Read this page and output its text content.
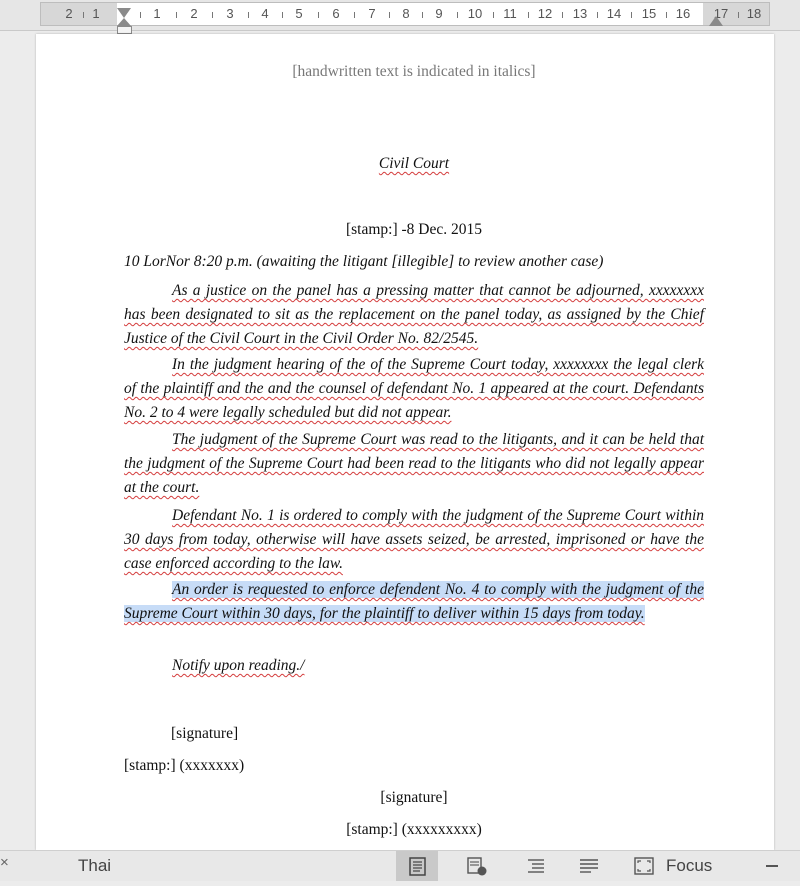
2 1	1 2 3 4 5 6 7 8 9 10 11 12 13 14 15 16 17 18
[handwritten text is indicated in italics]
Civil Court
[stamp:] -8 Dec. 2015
10 LorNor 8:20 p.m. (awaiting the litigant [illegible] to review another case)
As a justice on the panel has a pressing matter that cannot be adjourned, xxxxxxxx has been designated to sit as the replacement on the panel today, as assigned by the Chief Justice of the Civil Court in the Civil Order No. 82/2545.
In the judgment hearing of the of the Supreme Court today, xxxxxxxx the legal clerk of the plaintiff and the and the counsel of defendant No. 1 appeared at the court. Defendants No. 2 to 4 were legally scheduled but did not appear.
The judgment of the Supreme Court was read to the litigants, and it can be held that the judgment of the Supreme Court had been read to the litigants who did not legally appear at the court.
Defendant No. 1 is ordered to comply with the judgment of the Supreme Court within 30 days from today, otherwise will have assets seized, be arrested, imprisoned or have the case enforced according to the law.
An order is requested to enforce defendent No. 4 to comply with the judgment of the Supreme Court within 30 days, for the plaintiff to deliver within 15 days from today.
Notify upon reading./
[signature]
[stamp:] (xxxxxxx)
[signature]
[stamp:] (xxxxxxxxx)
×	Thai	Focus
